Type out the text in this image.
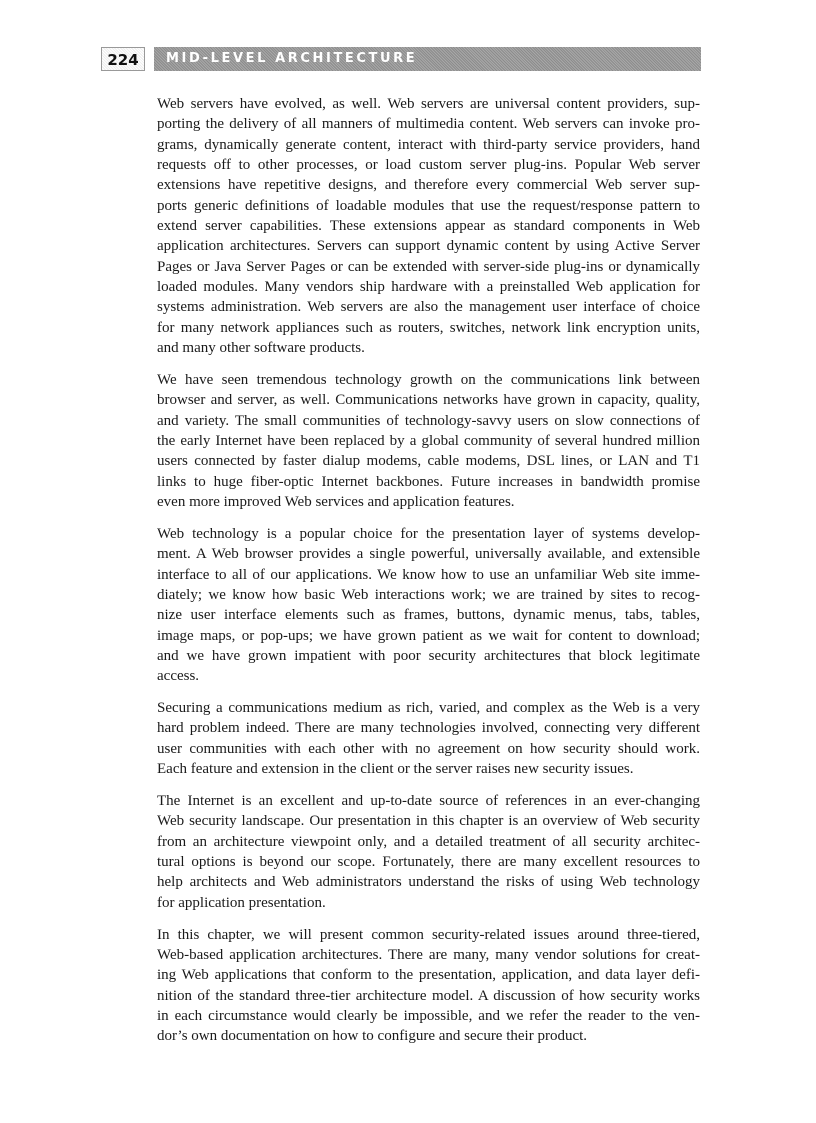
224	MID-LEVEL ARCHITECTURE

Web servers have evolved, as well. Web servers are universal content providers, sup-
porting the delivery of all manners of multimedia content. Web servers can invoke pro-
grams, dynamically generate content, interact with third-party service providers, hand
requests off to other processes, or load custom server plug-ins. Popular Web server
extensions have repetitive designs, and therefore every commercial Web server sup-
ports generic definitions of loadable modules that use the request/response pattern to
extend server capabilities. These extensions appear as standard components in Web
application architectures. Servers can support dynamic content by using Active Server
Pages or Java Server Pages or can be extended with server-side plug-ins or dynamically
loaded modules. Many vendors ship hardware with a preinstalled Web application for
systems administration. Web servers are also the management user interface of choice
for many network appliances such as routers, switches, network link encryption units,
and many other software products.

We have seen tremendous technology growth on the communications link between
browser and server, as well. Communications networks have grown in capacity, quality,
and variety. The small communities of technology-savvy users on slow connections of
the early Internet have been replaced by a global community of several hundred million
users connected by faster dialup modems, cable modems, DSL lines, or LAN and T1
links to huge fiber-optic Internet backbones. Future increases in bandwidth promise
even more improved Web services and application features.

Web technology is a popular choice for the presentation layer of systems develop-
ment. A Web browser provides a single powerful, universally available, and extensible
interface to all of our applications. We know how to use an unfamiliar Web site imme-
diately; we know how basic Web interactions work; we are trained by sites to recog-
nize user interface elements such as frames, buttons, dynamic menus, tabs, tables,
image maps, or pop-ups; we have grown patient as we wait for content to download;
and we have grown impatient with poor security architectures that block legitimate
access.

Securing a communications medium as rich, varied, and complex as the Web is a very
hard problem indeed. There are many technologies involved, connecting very different
user communities with each other with no agreement on how security should work.
Each feature and extension in the client or the server raises new security issues.

The Internet is an excellent and up-to-date source of references in an ever-changing
Web security landscape. Our presentation in this chapter is an overview of Web security
from an architecture viewpoint only, and a detailed treatment of all security architec-
tural options is beyond our scope. Fortunately, there are many excellent resources to
help architects and Web administrators understand the risks of using Web technology
for application presentation.

In this chapter, we will present common security-related issues around three-tiered,
Web-based application architectures. There are many, many vendor solutions for creat-
ing Web applications that conform to the presentation, application, and data layer defi-
nition of the standard three-tier architecture model. A discussion of how security works
in each circumstance would clearly be impossible, and we refer the reader to the ven-
dor’s own documentation on how to configure and secure their product.
